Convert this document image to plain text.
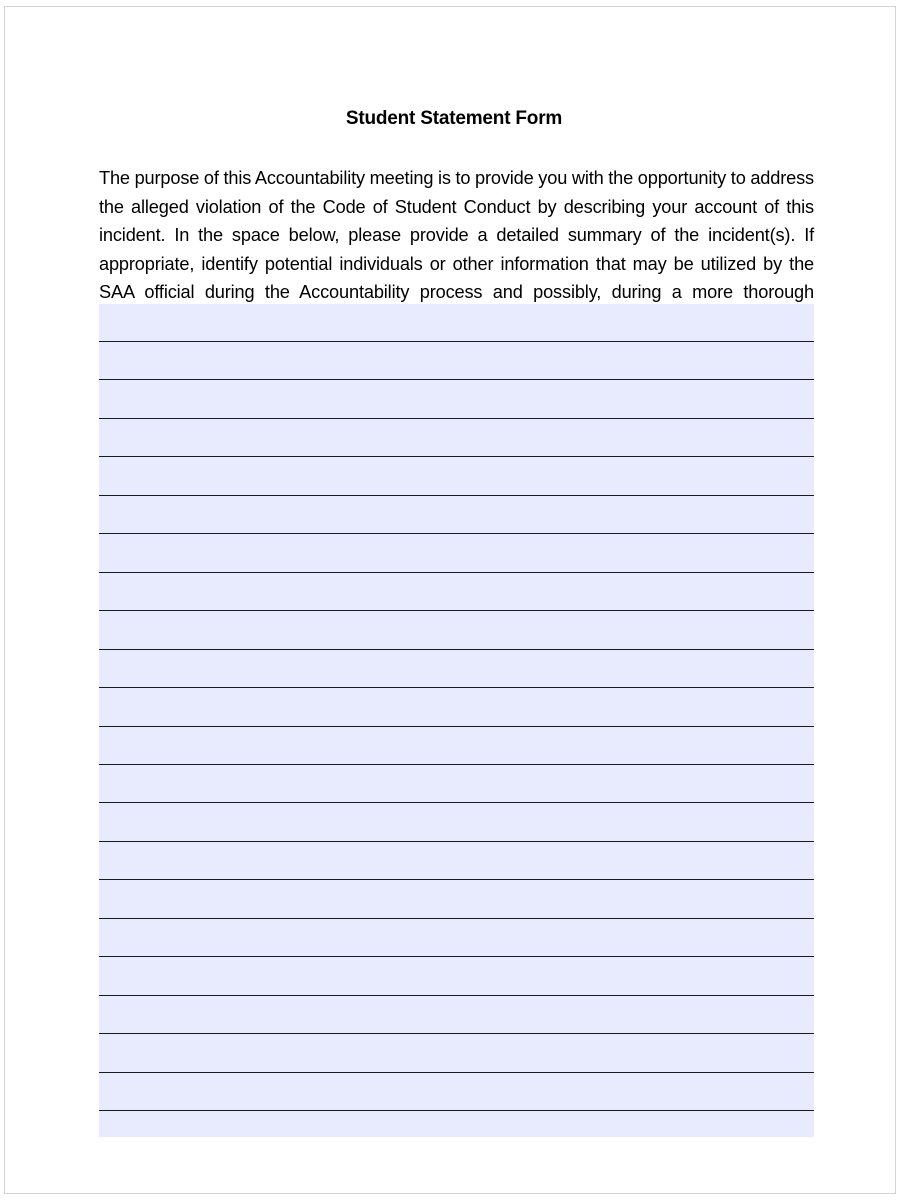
Student Statement Form
The purpose of this Accountability meeting is to provide you with the opportunity to address the alleged violation of the Code of Student Conduct by describing your account of this incident. In the space below, please provide a detailed summary of the incident(s). If appropriate, identify potential individuals or other information that may be utilized by the SAA official during the Accountability process and possibly, during a more thorough
